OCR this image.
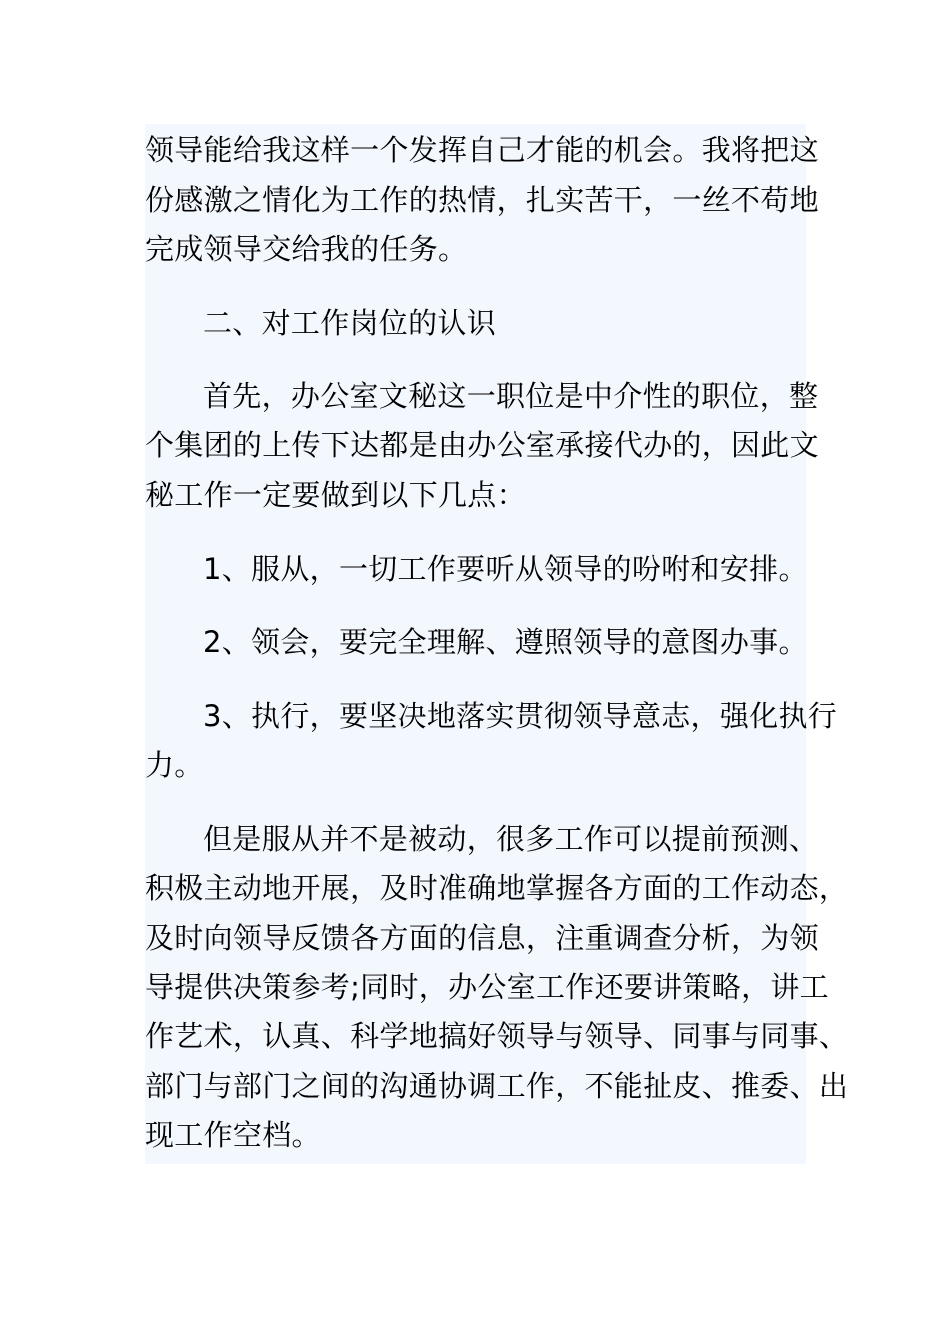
领导能给我这样一个发挥自己才能的机会。我将把这
份感激之情化为工作的热情，扎实苦干，一丝不苟地
完成领导交给我的任务。
二、对工作岗位的认识
首先，办公室文秘这一职位是中介性的职位，整
个集团的上传下达都是由办公室承接代办的，因此文
秘工作一定要做到以下几点：
1、服从，一切工作要听从领导的吩咐和安排。
2、领会，要完全理解、遵照领导的意图办事。
3、执行，要坚决地落实贯彻领导意志，强化执行
力。
但是服从并不是被动，很多工作可以提前预测、
积极主动地开展，及时准确地掌握各方面的工作动态，
及时向领导反馈各方面的信息，注重调查分析，为领
导提供决策参考;同时，办公室工作还要讲策略，讲工
作艺术，认真、科学地搞好领导与领导、同事与同事、
部门与部门之间的沟通协调工作，不能扯皮、推委、出
现工作空档。
